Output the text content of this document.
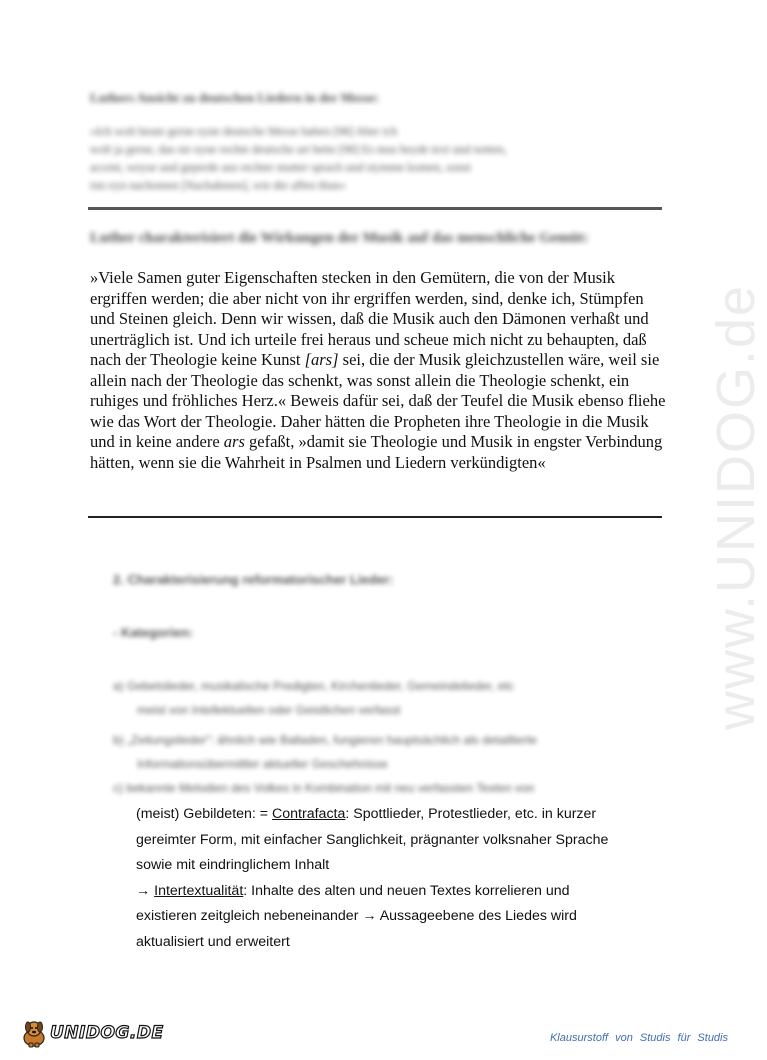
www.UNIDOG.de
Luthers Ansicht zu deutschen Liedern in der Messe:
»Ich wolt heute gerne eyne deutsche Messe haben [98] Aber ich
wolt ja gerne, das sie eyne rechte deutsche art hette [98] Es mus beyde text und notten,
accent, weyse und geperde aus rechter mutter sprach und stymme komen, sonst
ists eyn nachomen [Nachahmen], wie die affen thun«
Luther charakterisiert die Wirkungen der Musik auf das menschliche Gemüt:

»Viele Samen guter Eigenschaften stecken in den Gemütern, die von der Musik ergriffen werden; die aber nicht von ihr ergriffen werden, sind, denke ich, Stümpfen und Steinen gleich. Denn wir wissen, daß die Musik auch den Dämonen verhaßt und unerträglich ist. Und ich urteile frei heraus und scheue mich nicht zu behaupten, daß nach der Theologie keine Kunst [ars] sei, die der Musik gleichzustellen wäre, weil sie allein nach der Theologie das schenkt, was sonst allein die Theologie schenkt, ein ruhiges und fröhliches Herz.« Beweis dafür sei, daß der Teufel die Musik ebenso fliehe wie das Wort der Theologie. Daher hätten die Propheten ihre Theologie in die Musik und in keine andere ars gefaßt, »damit sie Theologie und Musik in engster Verbindung hätten, wenn sie die Wahrheit in Psalmen und Liedern verkündigten«

2. Charakterisierung reformatorischer Lieder:
- Kategorien:
a) Gebetslieder, musikalische Predigten, Kirchenlieder, Gemeindelieder, etc
meist von Intellektuellen oder Geistlichen verfasst
b) „Zeitungslieder": ähnlich wie Balladen, fungieren hauptsächlich als detaillierte
Informationsübermittler aktueller Geschehnisse
c) bekannte Melodien des Volkes in Kombination mit neu verfassten Texten von
(meist) Gebildeten: = Contrafacta: Spottlieder, Protestlieder, etc. in kurzer
gereimter Form, mit einfacher Sanglichkeit, prägnanter volksnaher Sprache
sowie mit eindringlichem Inhalt
→ Intertextualität: Inhalte des alten und neuen Textes korrelieren und
existieren zeitgleich nebeneinander → Aussageebene des Liedes wird
aktualisiert und erweitert
UNIDOG.DE	Klausurstoff von Studis für Studis
